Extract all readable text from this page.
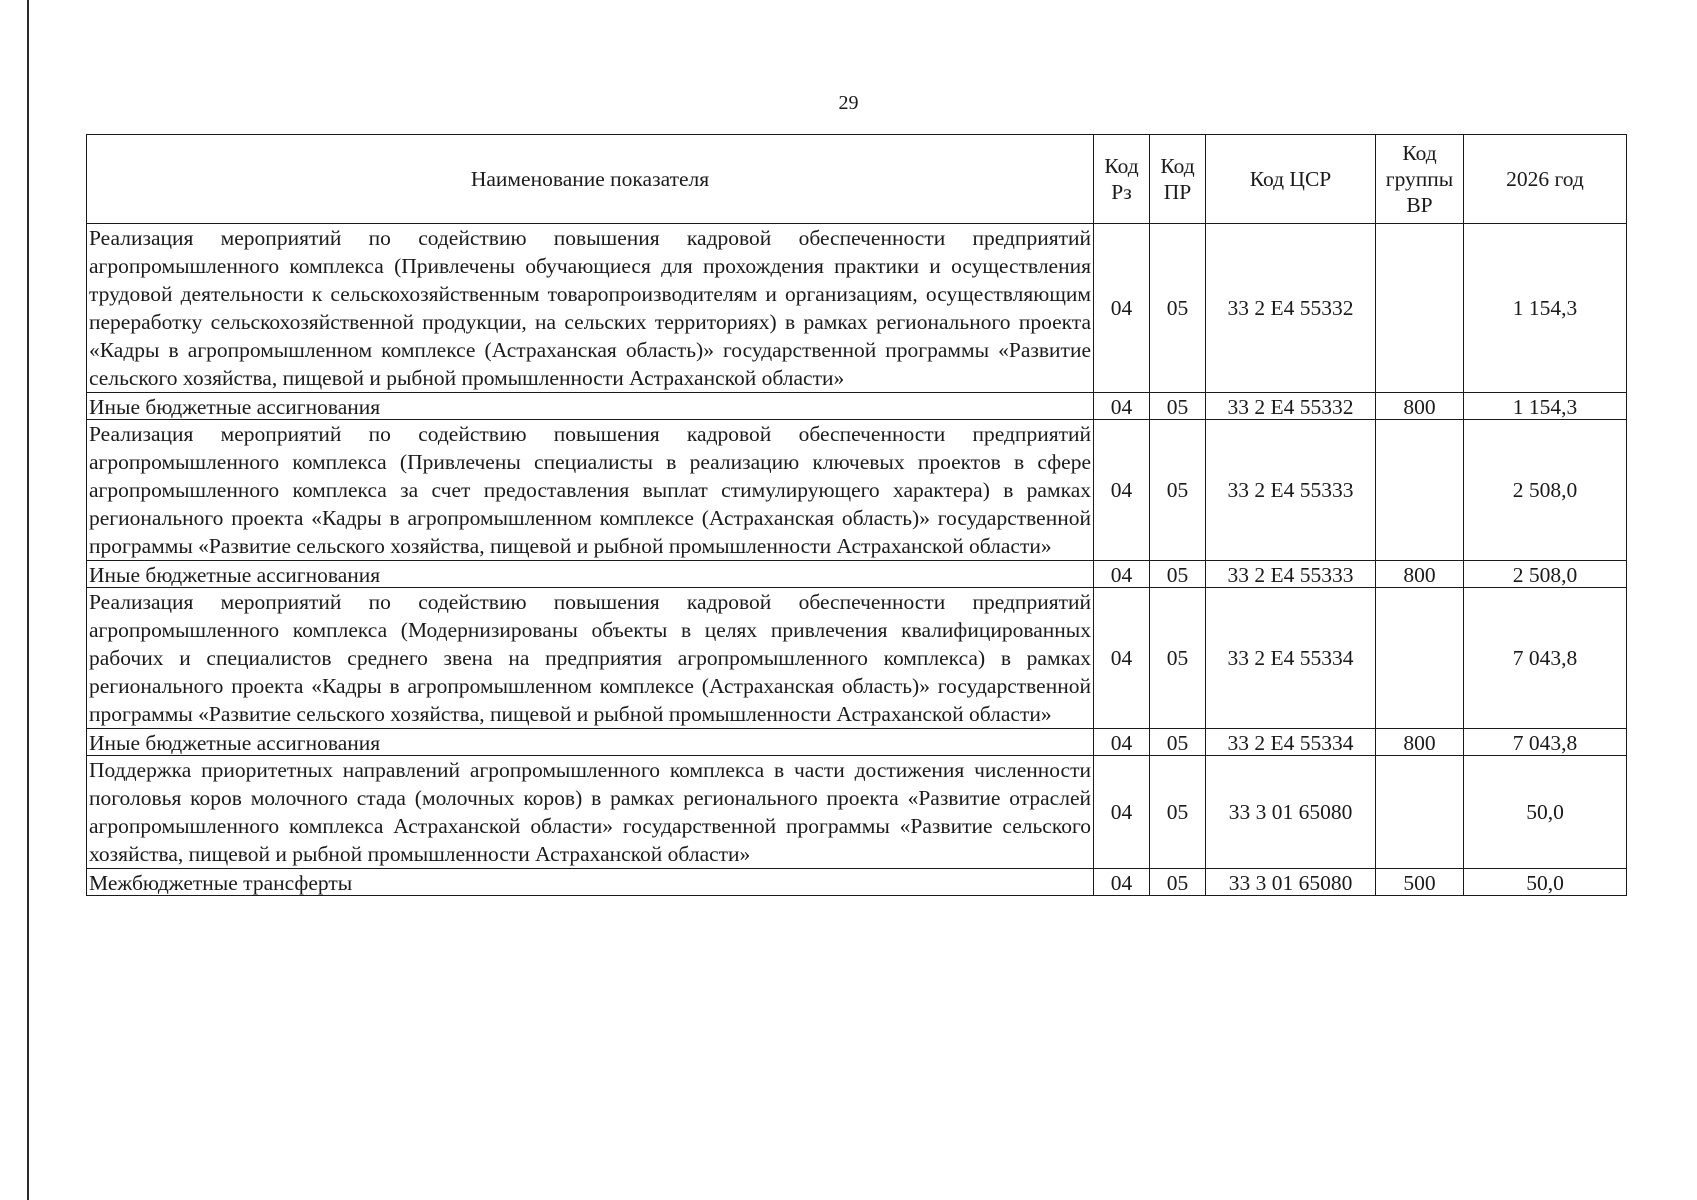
29
Наименование показателя	Код Рз	Код ПР	Код ЦСР	Код группы ВР	2026 год
Реализация мероприятий по содействию повышения кадровой обеспеченности предприятий агропромышленного комплекса (Привлечены обучающиеся для прохождения практики и осуществления трудовой деятельности к сельскохозяйственным товаропроизводителям и организациям, осуществляющим переработку сельскохозяйственной продукции, на сельских территориях) в рамках регионального проекта «Кадры в агропромышленном комплексе (Астраханская область)» государственной программы «Развитие сельского хозяйства, пищевой и рыбной промышленности Астраханской области»	04	05	33 2 Е4 55332		1 154,3
Иные бюджетные ассигнования	04	05	33 2 Е4 55332	800	1 154,3
Реализация мероприятий по содействию повышения кадровой обеспеченности предприятий агропромышленного комплекса (Привлечены специалисты в реализацию ключевых проектов в сфере агропромышленного комплекса за счет предоставления выплат стимулирующего характера) в рамках регионального проекта «Кадры в агропромышленном комплексе (Астраханская область)» государственной программы «Развитие сельского хозяйства, пищевой и рыбной промышленности Астраханской области»	04	05	33 2 Е4 55333		2 508,0
Иные бюджетные ассигнования	04	05	33 2 Е4 55333	800	2 508,0
Реализация мероприятий по содействию повышения кадровой обеспеченности предприятий агропромышленного комплекса (Модернизированы объекты в целях привлечения квалифицированных рабочих и специалистов среднего звена на предприятия агропромышленного комплекса) в рамках регионального проекта «Кадры в агропромышленном комплексе (Астраханская область)» государственной программы «Развитие сельского хозяйства, пищевой и рыбной промышленности Астраханской области»	04	05	33 2 Е4 55334		7 043,8
Иные бюджетные ассигнования	04	05	33 2 Е4 55334	800	7 043,8
Поддержка приоритетных направлений агропромышленного комплекса в части достижения численности поголовья коров молочного стада (молочных коров) в рамках регионального проекта «Развитие отраслей агропромышленного комплекса Астраханской области» государственной программы «Развитие сельского хозяйства, пищевой и рыбной промышленности Астраханской области»	04	05	33 3 01 65080		50,0
Межбюджетные трансферты	04	05	33 3 01 65080	500	50,0
